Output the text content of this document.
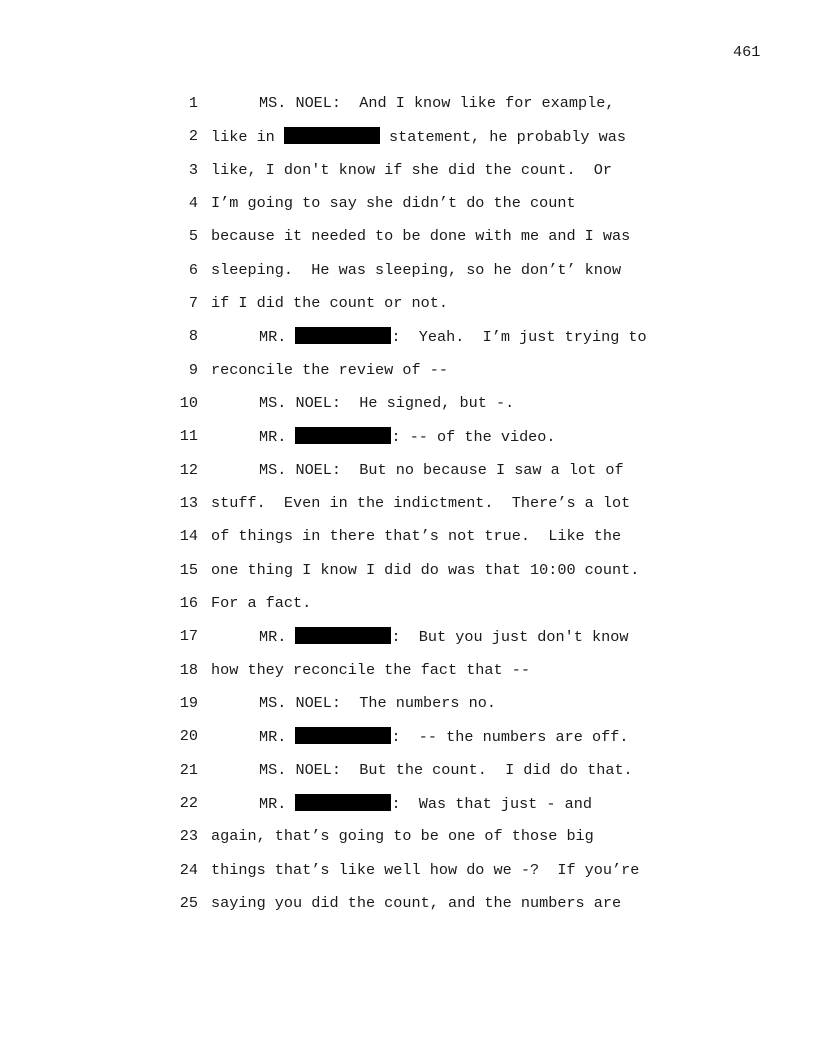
461
1	MS. NOEL:  And I know like for example,
2 like in	statement, he probably was
3 like, I don't know if she did the count.  Or
4 I’m going to say she didn’t do the count
5 because it needed to be done with me and I was
6 sleeping.  He was sleeping, so he don’t’ know
7 if I did the count or not.
8	MR.	:  Yeah.  I’m just trying to
9 reconcile the review of --
10	MS. NOEL:  He signed, but -.
11	MR.	: -- of the video.
12	MS. NOEL:  But no because I saw a lot of
13 stuff.  Even in the indictment.  There’s a lot
14 of things in there that’s not true.  Like the
15 one thing I know I did do was that 10:00 count.
16 For a fact.
17	MR.	:  But you just don't know
18 how they reconcile the fact that --
19	MS. NOEL:  The numbers no.
20	MR.	:  -- the numbers are off.
21	MS. NOEL:  But the count.  I did do that.
22	MR.	:  Was that just - and
23 again, that’s going to be one of those big
24 things that’s like well how do we -?  If you’re
25 saying you did the count, and the numbers are
